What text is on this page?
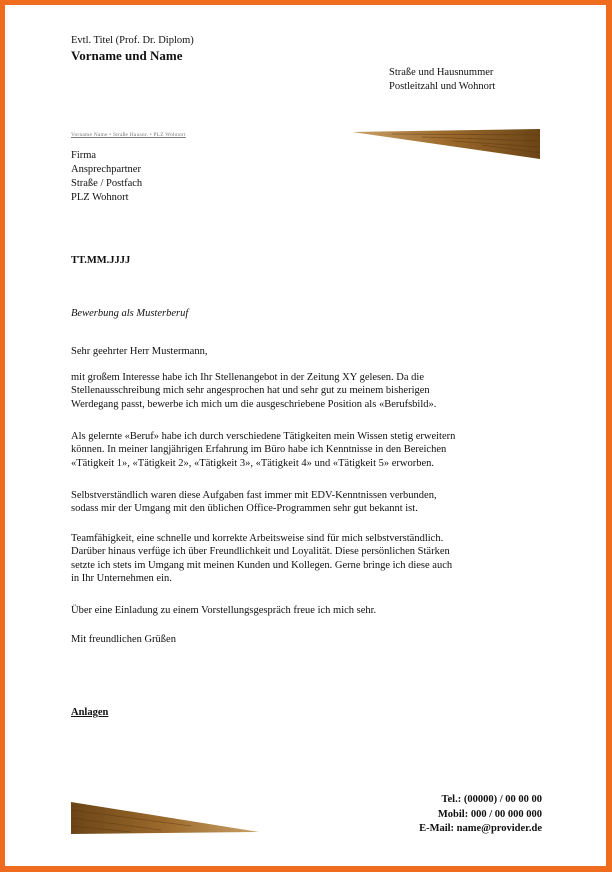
Evtl. Titel (Prof. Dr. Diplom)
Vorname und Name
Straße und Hausnummer
Postleitzahl und Wohnort
Vorname Name • Straße Hausnr. • PLZ Wohnort
Firma
Ansprechpartner
Straße / Postfach
PLZ Wohnort
TT.MM.JJJJ
Bewerbung als Musterberuf
Sehr geehrter Herr Mustermann,
mit großem Interesse habe ich Ihr Stellenangebot in der Zeitung XY gelesen. Da die
Stellenausschreibung mich sehr angesprochen hat und sehr gut zu meinem bisherigen
Werdegang passt, bewerbe ich mich um die ausgeschriebene Position als «Berufsbild».
Als gelernte «Beruf» habe ich durch verschiedene Tätigkeiten mein Wissen stetig erweitern
können. In meiner langjährigen Erfahrung im Büro habe ich Kenntnisse in den Bereichen
«Tätigkeit 1», «Tätigkeit 2», «Tätigkeit 3», «Tätigkeit 4» und «Tätigkeit 5» erworben.
Selbstverständlich waren diese Aufgaben fast immer mit EDV-Kenntnissen verbunden,
sodass mir der Umgang mit den üblichen Office-Programmen sehr gut bekannt ist.
Teamfähigkeit, eine schnelle und korrekte Arbeitsweise sind für mich selbstverständlich.
Darüber hinaus verfüge ich über Freundlichkeit und Loyalität. Diese persönlichen Stärken
setzte ich stets im Umgang mit meinen Kunden und Kollegen. Gerne bringe ich diese auch
in Ihr Unternehmen ein.
Über eine Einladung zu einem Vorstellungsgespräch freue ich mich sehr.
Mit freundlichen Grüßen
Anlagen
Tel.: (00000) / 00 00 00
Mobil: 000 / 00 000 000
E-Mail: name@provider.de
